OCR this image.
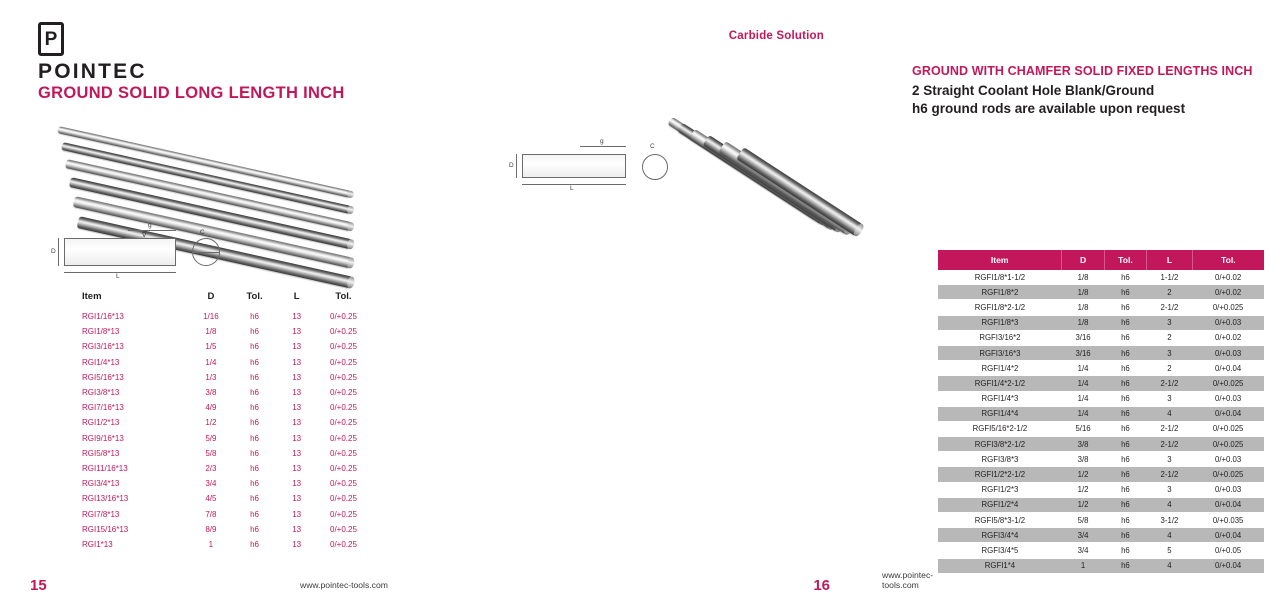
P
POINTEC
GROUND SOLID LONG LENGTH INCH
D
L
g
∇	C
Item	D	Tol.	L	Tol.
RGI1/16*13	1/16	h6	13	0/+0.25
RGI1/8*13	1/8	h6	13	0/+0.25
RGI3/16*13	1/5	h6	13	0/+0.25
RGI1/4*13	1/4	h6	13	0/+0.25
RGI5/16*13	1/3	h6	13	0/+0.25
RGI3/8*13	3/8	h6	13	0/+0.25
RGI7/16*13	4/9	h6	13	0/+0.25
RGI1/2*13	1/2	h6	13	0/+0.25
RGI9/16*13	5/9	h6	13	0/+0.25
RGI5/8*13	5/8	h6	13	0/+0.25
RGI11/16*13	2/3	h6	13	0/+0.25
RGI3/4*13	3/4	h6	13	0/+0.25
RGI13/16*13	4/5	h6	13	0/+0.25
RGI7/8*13	7/8	h6	13	0/+0.25
RGI15/16*13	8/9	h6	13	0/+0.25
RGI1*13	1	h6	13	0/+0.25
15	www.pointec-tools.com
Carbide Solution
GROUND WITH CHAMFER SOLID FIXED LENGTHS INCH
2 Straight Coolant Hole Blank/Ground
h6 ground rods are available upon request
D
L
g
C
Item	D	Tol.	L	Tol.
RGFI1/8*1-1/2	1/8	h6	1-1/2	0/+0.02
RGFI1/8*2	1/8	h6	2	0/+0.02
RGFI1/8*2-1/2	1/8	h6	2-1/2	0/+0.025
RGFI1/8*3	1/8	h6	3	0/+0.03
RGFI3/16*2	3/16	h6	2	0/+0.02
RGFI3/16*3	3/16	h6	3	0/+0.03
RGFI1/4*2	1/4	h6	2	0/+0.04
RGFI1/4*2-1/2	1/4	h6	2-1/2	0/+0.025
RGFI1/4*3	1/4	h6	3	0/+0.03
RGFI1/4*4	1/4	h6	4	0/+0.04
RGFI5/16*2-1/2	5/16	h6	2-1/2	0/+0.025
RGFI3/8*2-1/2	3/8	h6	2-1/2	0/+0.025
RGFI3/8*3	3/8	h6	3	0/+0.03
RGFI1/2*2-1/2	1/2	h6	2-1/2	0/+0.025
RGFI1/2*3	1/2	h6	3	0/+0.03
RGFI1/2*4	1/2	h6	4	0/+0.04
RGFI5/8*3-1/2	5/8	h6	3-1/2	0/+0.035
RGFI3/4*4	3/4	h6	4	0/+0.04
RGFI3/4*5	3/4	h6	5	0/+0.05
RGFI1*4	1	h6	4	0/+0.04
16
www.pointec-tools.com
